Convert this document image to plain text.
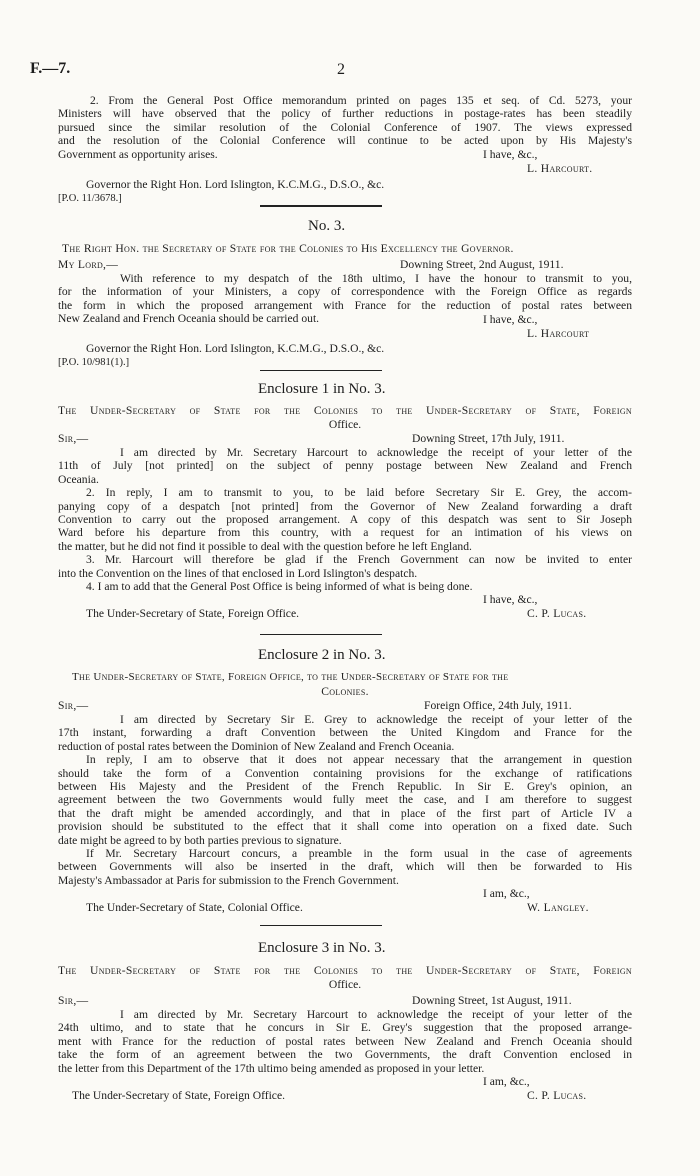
F.—7.	2
2. From the General Post Office memorandum printed on pages 135 et seq. of Cd. 5273, your
Ministers will have observed that the policy of further reductions in postage-rates has been steadily
pursued since the similar resolution of the Colonial Conference of 1907. The views expressed
and the resolution of the Colonial Conference will continue to be acted upon by His Majesty's
Government as opportunity arises.	I have, &c.,
L. Harcourt.
Governor the Right Hon. Lord Islington, K.C.M.G., D.S.O., &c.
[P.O. 11/3678.]
No. 3.
The Right Hon. the Secretary of State for the Colonies to His Excellency the Governor.
My Lord,—	Downing Street, 2nd August, 1911.
With reference to my despatch of the 18th ultimo, I have the honour to transmit to you,
for the information of your Ministers, a copy of correspondence with the Foreign Office as regards
the form in which the proposed arrangement with France for the reduction of postal rates between
New Zealand and French Oceania should be carried out.	I have, &c.,
L. Harcourt
Governor the Right Hon. Lord Islington, K.C.M.G., D.S.O., &c.
[P.O. 10/981(1).]
Enclosure 1 in No. 3.
The Under-Secretary of State for the Colonies to the Under-Secretary of State, Foreign
Office.
Sir,—	Downing Street, 17th July, 1911.
I am directed by Mr. Secretary Harcourt to acknowledge the receipt of your letter of the
11th of July [not printed] on the subject of penny postage between New Zealand and French
Oceania.
2. In reply, I am to transmit to you, to be laid before Secretary Sir E. Grey, the accom-
panying copy of a despatch [not printed] from the Governor of New Zealand forwarding a draft
Convention to carry out the proposed arrangement. A copy of this despatch was sent to Sir Joseph
Ward before his departure from this country, with a request for an intimation of his views on
the matter, but he did not find it possible to deal with the question before he left England.
3. Mr. Harcourt will therefore be glad if the French Government can now be invited to enter
into the Convention on the lines of that enclosed in Lord Islington's despatch.
4. I am to add that the General Post Office is being informed of what is being done.
I have, &c.,
The Under-Secretary of State, Foreign Office.	C. P. Lucas.
Enclosure 2 in No. 3.
The Under-Secretary of State, Foreign Office, to the Under-Secretary of State for the
Colonies.
Sir,—	Foreign Office, 24th July, 1911.
I am directed by Secretary Sir E. Grey to acknowledge the receipt of your letter of the
17th instant, forwarding a draft Convention between the United Kingdom and France for the
reduction of postal rates between the Dominion of New Zealand and French Oceania.
In reply, I am to observe that it does not appear necessary that the arrangement in question
should take the form of a Convention containing provisions for the exchange of ratifications
between His Majesty and the President of the French Republic. In Sir E. Grey's opinion, an
agreement between the two Governments would fully meet the case, and I am therefore to suggest
that the draft might be amended accordingly, and that in place of the first part of Article IV a
provision should be substituted to the effect that it shall come into operation on a fixed date. Such
date might be agreed to by both parties previous to signature.
If Mr. Secretary Harcourt concurs, a preamble in the form usual in the case of agreements
between Governments will also be inserted in the draft, which will then be forwarded to His
Majesty's Ambassador at Paris for submission to the French Government.
I am, &c.,
The Under-Secretary of State, Colonial Office.	W. Langley.
Enclosure 3 in No. 3.
The Under-Secretary of State for the Colonies to the Under-Secretary of State, Foreign
Office.
Sir,—	Downing Street, 1st August, 1911.
I am directed by Mr. Secretary Harcourt to acknowledge the receipt of your letter of the
24th ultimo, and to state that he concurs in Sir E. Grey's suggestion that the proposed arrange-
ment with France for the reduction of postal rates between New Zealand and French Oceania should
take the form of an agreement between the two Governments, the draft Convention enclosed in
the letter from this Department of the 17th ultimo being amended as proposed in your letter.
I am, &c.,
The Under-Secretary of State, Foreign Office.	C. P. Lucas.
